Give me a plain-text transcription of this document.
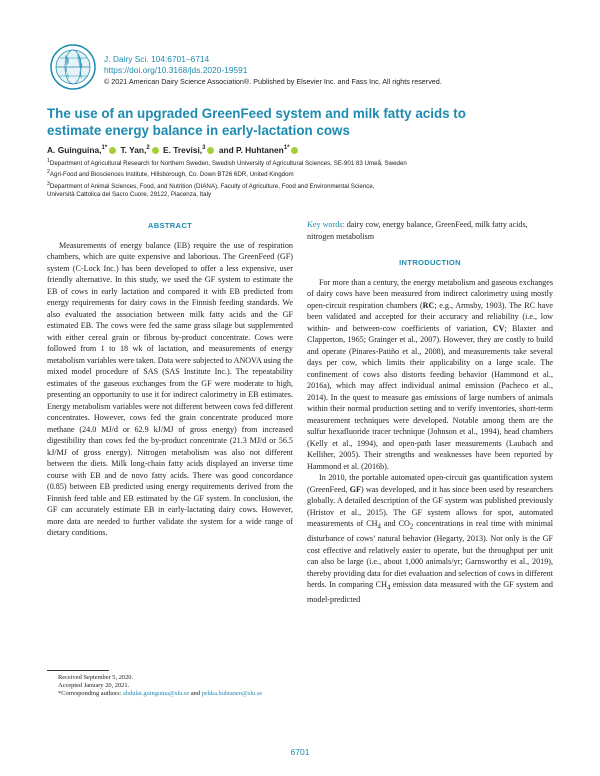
J. Dairy Sci. 104:6701–6714
https://doi.org/10.3168/jds.2020-19591
© 2021 American Dairy Science Association®. Published by Elsevier Inc. and Fass Inc. All rights reserved.
The use of an upgraded GreenFeed system and milk fatty acids to estimate energy balance in early-lactation cows
A. Guinguina,$^{1*}$ T. Yan,$^2$ E. Trevisi,$^3$ and P. Huhtanen$^{1*}$
$^1$Department of Agricultural Research for Northern Sweden, Swedish University of Agricultural Sciences, SE-901 83 Umeå, Sweden
$^2$Agri-Food and Biosciences Institute, Hillsborough, Co. Down BT26 6DR, United Kingdom
$^3$Department of Animal Sciences, Food, and Nutrition (DIANA), Faculty of Agriculture, Food and Environmental Science,
Università Cattolica del Sacro Cuore, 29122, Piacenza, Italy
ABSTRACT

Measurements of energy balance (EB) require the use of respiration chambers, which are quite expensive and laborious. The GreenFeed (GF) system (C-Lock Inc.) has been developed to offer a less expensive, user friendly alternative. In this study, we used the GF system to estimate the EB of cows in early lactation and compared it with EB predicted from energy requirements for dairy cows in the Finnish feeding standards. We also evaluated the association between milk fatty acids and the GF estimated EB. The cows were fed the same grass silage but supplemented with either cereal grain or fibrous by-product concentrate. Cows were followed from 1 to 18 wk of lactation, and measurements of energy metabolism variables were taken. Data were subjected to ANOVA using the mixed model procedure of SAS (SAS Institute Inc.). The repeatability estimates of the gaseous exchanges from the GF were moderate to high, presenting an opportunity to use it for indirect calorimetry in EB estimates. Energy metabolism variables were not different between cows fed different concentrates. However, cows fed the grain concentrate produced more methane (24.0 MJ/d or 62.9 kJ/MJ of gross energy) from increased digestibility than cows fed the by-product concentrate (21.3 MJ/d or 56.5 kJ/MJ of gross energy). Nitrogen metabolism was also not different between the diets. Milk long-chain fatty acids displayed an inverse time course with EB and de novo fatty acids. There was good concordance (0.85) between EB predicted using energy requirements derived from the Finnish feed table and EB estimated by the GF system. In conclusion, the GF can accurately estimate EB in early-lactating dairy cows. However, more data are needed to further validate the system for a wide range of dietary conditions.

Key words: dairy cow, energy balance, GreenFeed, milk fatty acids, nitrogen metabolism
INTRODUCTION

For more than a century, the energy metabolism and gaseous exchanges of dairy cows have been measured from indirect calorimetry using mostly open-circuit respiration chambers (RC; e.g., Armsby, 1903). The RC have been validated and accepted for their accuracy and reliability (i.e., low within- and between-cow coefficients of variation, CV; Blaxter and Clapperton, 1965; Grainger et al., 2007). However, they are costly to build and operate (Pinares-Patiño et al., 2008), and measurements take several days per cow, which limits their applicability on a large scale. The confinement of cows also distorts feeding behavior (Hammond et al., 2016a), which may affect individual animal emission (Pacheco et al., 2014). In the quest to measure gas emissions of large numbers of animals within their normal production setting and to verify inventories, short-term measurement techniques were developed. Notable among them are the sulfur hexafluoride tracer technique (Johnson et al., 1994), head chambers (Kelly et al., 1994), and open-path laser measurements (Laubach and Kelliher, 2005). Their strengths and weaknesses have been reported by Hammond et al. (2016b).

In 2010, the portable automated open-circuit gas quantification system (GreenFeed, GF) was developed, and it has since been used by researchers globally. A detailed description of the GF system was published previously (Hristov et al., 2015). The GF system allows for spot, automated measurements of $CH_4$ and $CO_2$ concentrations in real time with minimal disturbance of cows’ natural behavior (Hegarty, 2013). Not only is the GF cost effective and relatively easier to operate, but the throughput per unit can also be large (i.e., about 1,000 animals/yr; Garnsworthy et al., 2019), thereby providing data for diet evaluation and selection of cows in different herds. In comparing $CH_4$ emission data measured with the GF system and model-predicted

Received September 5, 2020.
Accepted January 20, 2021.
*Corresponding authors: abdulai.guinguina@slu.se and pekka.huhtanen@slu.se
6701
